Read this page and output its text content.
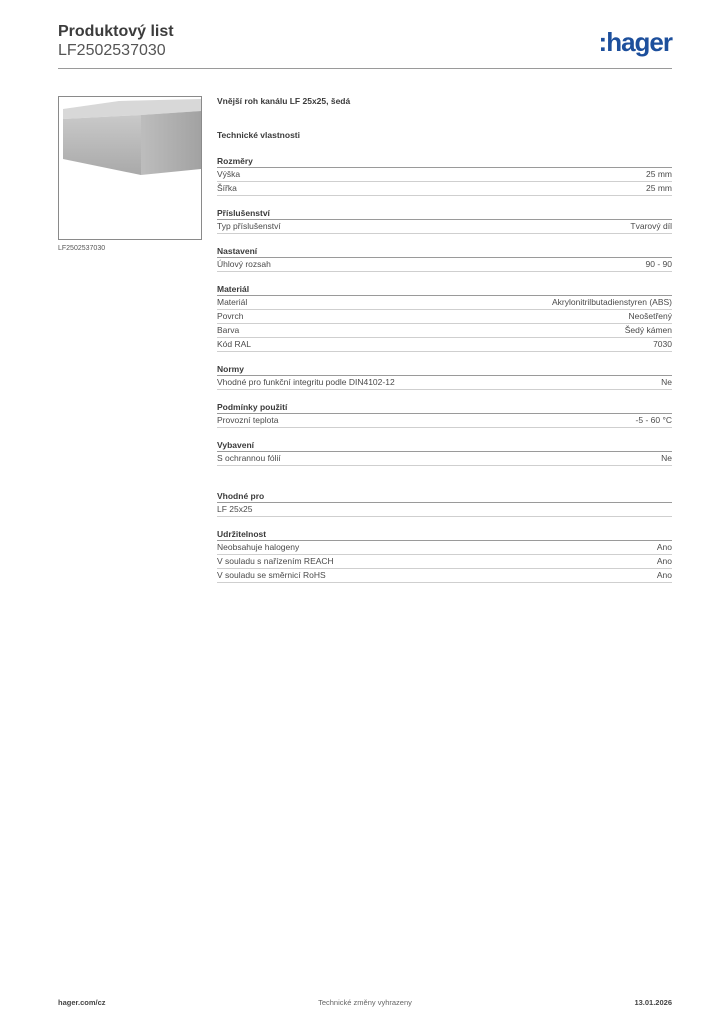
Produktový list
LF2502537030	:hager
LF2502537030
Vnější roh kanálu LF 25x25, šedá
Technické vlastnosti
Rozměry
Výška	25 mm
Šířka	25 mm
Příslušenství
Typ příslušenství	Tvarový díl
Nastavení
Úhlový rozsah	90 - 90
Materiál
Materiál	Akrylonitrilbutadienstyren (ABS)
Povrch	Neošetřený
Barva	Šedý kámen
Kód RAL	7030
Normy
Vhodné pro funkční integritu podle DIN4102-12	Ne
Podmínky použití
Provozní teplota	-5 - 60 °C
Vybavení
S ochrannou fólií	Ne
Vhodné pro
LF 25x25
Udržitelnost
Neobsahuje halogeny	Ano
V souladu s nařízením REACH	Ano
V souladu se směrnicí RoHS	Ano
hager.com/cz	Technické změny vyhrazeny	13.01.2026
